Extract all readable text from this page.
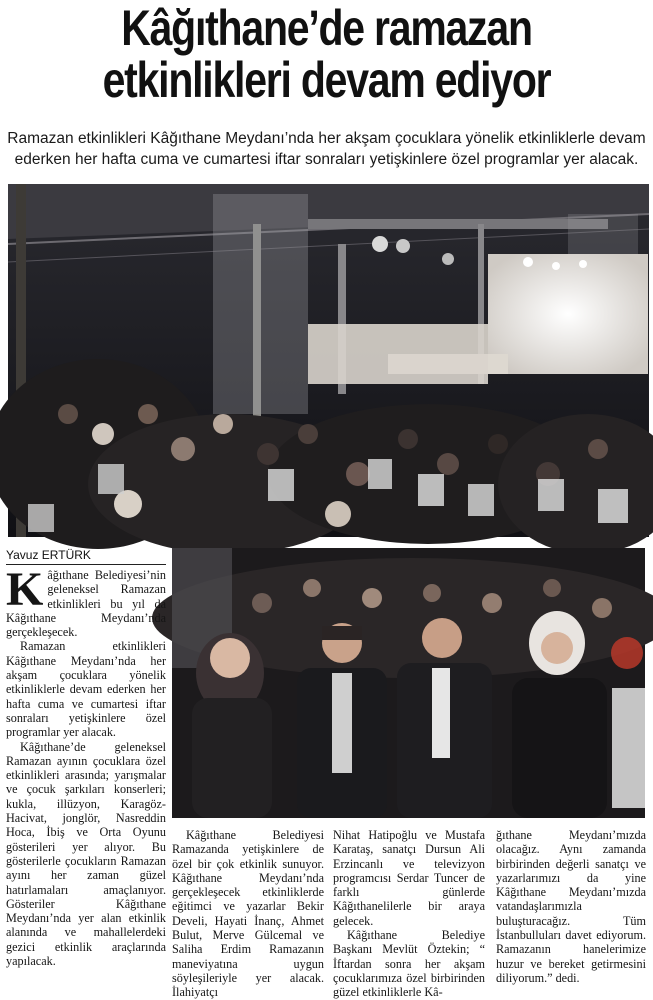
Kâğıthane’de ramazan
etkinlikleri devam ediyor
Ramazan etkinlikleri Kâğıthane Meydanı’nda her akşam çocuklara yönelik etkinliklerle devam ederken her hafta cuma ve cumartesi iftar sonraları yetişkinlere özel programlar yer alacak.
Yavuz ERTÜRK

Kâğıthane Belediyesi’nin geleneksel Ramazan etkinlikleri bu yıl da Kâğıthane Meydanı’nda gerçekleşecek.

Ramazan etkinlikleri Kâğıthane Meydanı’nda her akşam çocuklara yönelik etkinliklerle devam ederken her hafta cuma ve cumartesi iftar sonraları yetişkinlere özel programlar yer alacak.

Kâğıthane’de geleneksel Ramazan ayının çocuklara özel etkinlikleri arasında; yarışmalar ve çocuk şarkıları konserleri; kukla, illüzyon, Karagöz- Hacivat, jonglör, Nasreddin Hoca, İbiş ve Orta Oyunu gösterileri yer alıyor. Bu gösterilerle çocukların Ramazan ayını her zaman güzel hatırlamaları amaçlanıyor. Gösteriler Kâğıthane Meydanı’nda yer alan etkinlik alanında ve mahallelerdeki gezici etkinlik araçlarında yapılacak.

Kâğıthane Belediyesi Ramazanda yetişkinlere de özel bir çok etkinlik sunuyor. Kâğıthane Meydanı’nda gerçekleşecek etkinliklerde eğitimci ve yazarlar Bekir Develi, Hayati İnanç, Ahmet Bulut, Merve Gülcemal ve Saliha Erdim Ramazanın maneviyatına uygun söyleşileriyle yer alacak. İlahiyatçı

Nihat Hatipoğlu ve Mustafa Karataş, sanatçı Dursun Ali Erzincanlı ve televizyon programcısı Serdar Tuncer de farklı günlerde Kâğıthanelilerle bir araya gelecek.

Kâğıthane Belediye Başkanı Mevlüt Öztekin; “ İftardan sonra her akşam çocuklarımıza özel birbirinden güzel etkinliklerle Kâ-

ğıthane Meydanı’mızda olacağız. Aynı zamanda birbirinden değerli sanatçı ve yazarlarımızı da yine Kâğıthane Meydanı’mızda vatandaşlarımızla buluşturacağız. Tüm İstanbulluları davet ediyorum. Ramazanın hanelerimize huzur ve bereket getirmesini diliyorum.” dedi.
